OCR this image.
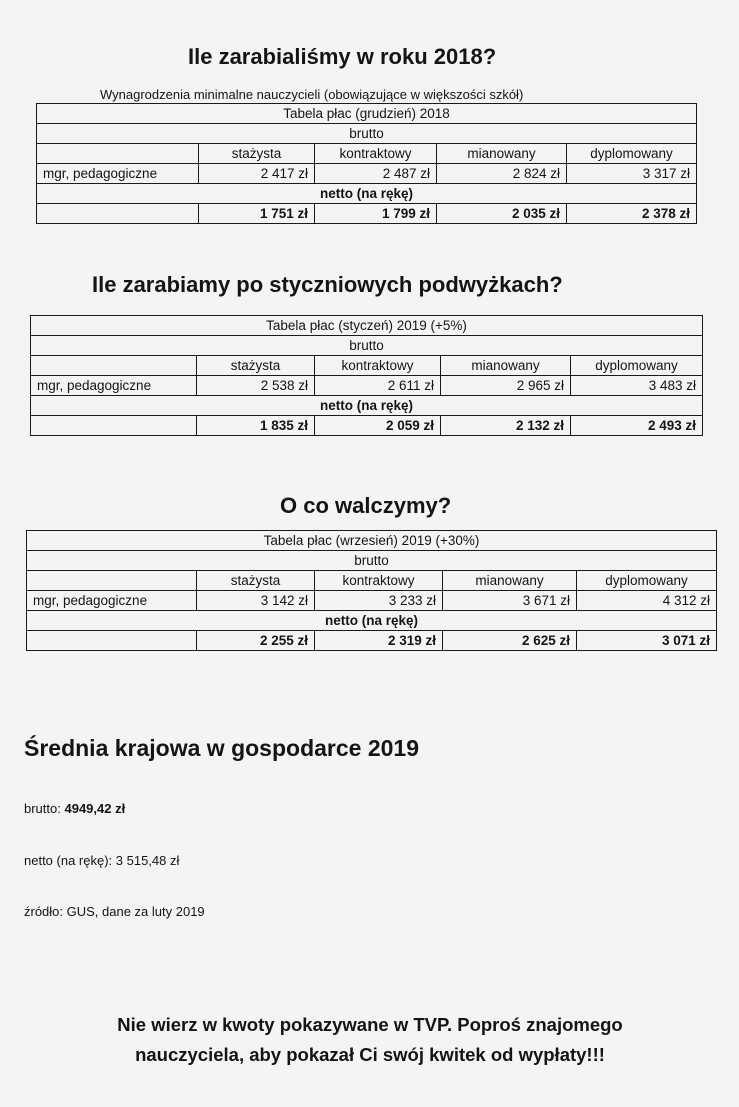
Ile zarabialiśmy w roku 2018?

Wynagrodzenia minimalne nauczycieli (obowiązujące w większości szkół)

Tabela płac (grudzień) 2018				
brutto				
	stażysta	kontraktowy	mianowany	dyplomowany
mgr, pedagogiczne	2 417 zł	2 487 zł	2 824 zł	3 317 zł
netto (na rękę)				
	1 751 zł	1 799 zł	2 035 zł	2 378 zł
Ile zarabiamy po styczniowych podwyżkach?
Tabela płac (styczeń) 2019 (+5%)				
brutto				
	stażysta	kontraktowy	mianowany	dyplomowany
mgr, pedagogiczne	2 538 zł	2 611 zł	2 965 zł	3 483 zł
netto (na rękę)				
	1 835 zł	2 059 zł	2 132 zł	2 493 zł
O co walczymy?
Tabela płac (wrzesień) 2019 (+30%)				
brutto				
	stażysta	kontraktowy	mianowany	dyplomowany
mgr, pedagogiczne	3 142 zł	3 233 zł	3 671 zł	4 312 zł
netto (na rękę)				
	2 255 zł	2 319 zł	2 625 zł	3 071 zł
Średnia krajowa w gospodarce 2019

brutto: 4949,42 zł

netto (na rękę): 3 515,48 zł

źródło: GUS, dane za luty 2019

Nie wierz w kwoty pokazywane w TVP. Poproś znajomego
nauczyciela, aby pokazał Ci swój kwitek od wypłaty!!!
